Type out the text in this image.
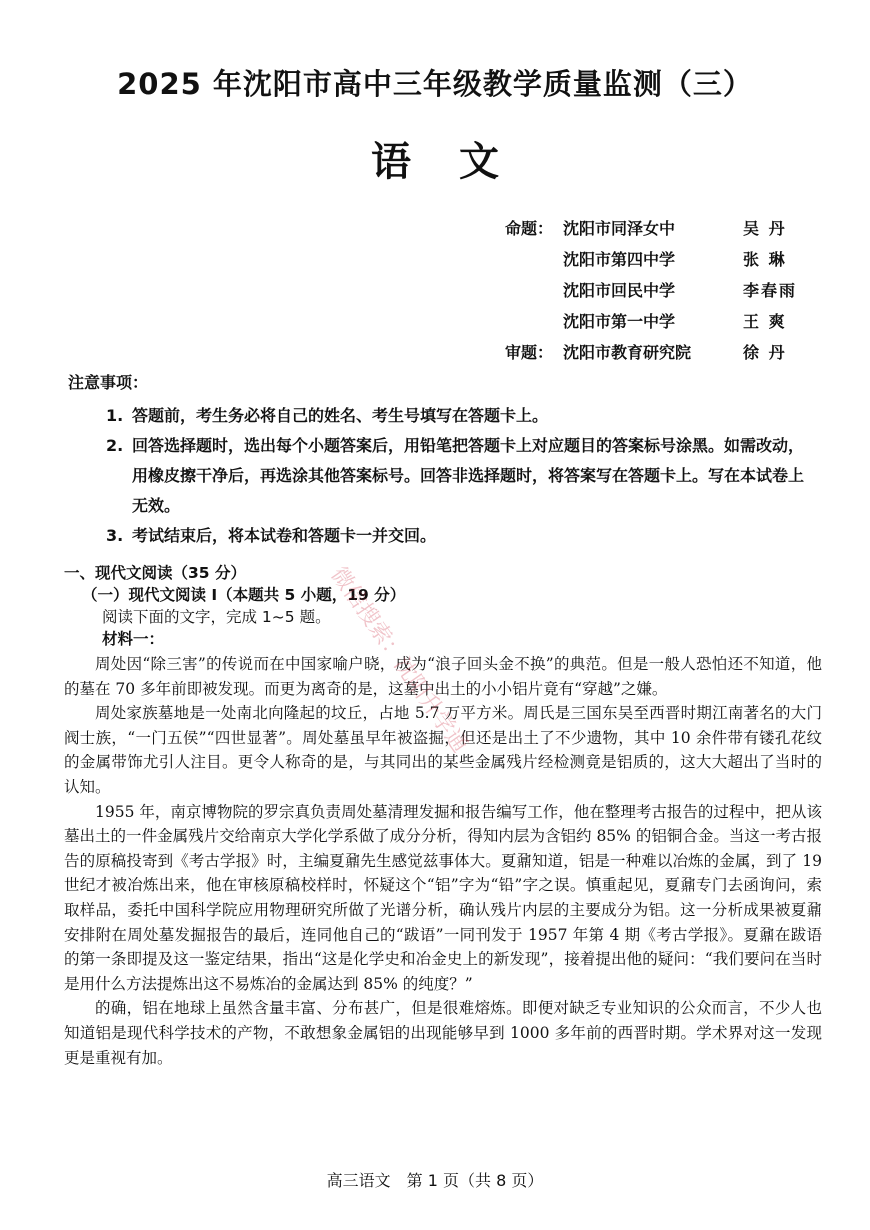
2025 年沈阳市高中三年级教学质量监测（三）
语文
命题： 沈阳市同泽女中	吴 丹
沈阳市第四中学	张 琳
沈阳市回民中学	李春雨
沈阳市第一中学	王 爽
审题： 沈阳市教育研究院	徐 丹
注意事项：
1. 答题前，考生务必将自己的姓名、考生号填写在答题卡上。
2. 回答选择题时，选出每个小题答案后，用铅笔把答题卡上对应题目的答案标号涂黑。如需改动，用橡皮擦干净后，再选涂其他答案标号。回答非选择题时，将答案写在答题卡上。写在本试卷上无效。
3. 考试结束后，将本试卷和答题卡一并交回。
一、现代文阅读（35 分）
（一）现代文阅读 I（本题共 5 小题，19 分）
阅读下面的文字，完成 1~5 题。
材料一：

周处因“除三害”的传说而在中国家喻户晓，成为“浪子回头金不换”的典范。但是一般人恐怕还不知道，他的墓在 70 多年前即被发现。而更为离奇的是，这墓中出土的小小铝片竟有“穿越”之嫌。

周处家族墓地是一处南北向隆起的坟丘，占地 5.7 万平方米。周氏是三国东吴至西晋时期江南著名的大门阀士族，“一门五侯”“四世显著”。周处墓虽早年被盗掘，但还是出土了不少遗物，其中 10 余件带有镂孔花纹的金属带饰尤引人注目。更令人称奇的是，与其同出的某些金属残片经检测竟是铝质的，这大大超出了当时的认知。

1955 年，南京博物院的罗宗真负责周处墓清理发掘和报告编写工作，他在整理考古报告的过程中，把从该墓出土的一件金属残片交给南京大学化学系做了成分分析，得知内层为含铝约 85% 的铝铜合金。当这一考古报告的原稿投寄到《考古学报》时，主编夏鼐先生感觉兹事体大。夏鼐知道，铝是一种难以冶炼的金属，到了 19 世纪才被冶炼出来，他在审核原稿校样时，怀疑这个“铝”字为“铅”字之误。慎重起见，夏鼐专门去函询问，索取样品，委托中国科学院应用物理研究所做了光谱分析，确认残片内层的主要成分为铝。这一分析成果被夏鼐安排附在周处墓发掘报告的最后，连同他自己的“跋语”一同刊发于 1957 年第 4 期《考古学报》。夏鼐在跋语的第一条即提及这一鉴定结果，指出“这是化学史和冶金史上的新发现”，接着提出他的疑问：“我们要问在当时是用什么方法提炼出这不易炼冶的金属达到 85% 的纯度？”

的确，铝在地球上虽然含量丰富、分布甚广，但是很难熔炼。即便对缺乏专业知识的公众而言，不少人也知道铝是现代科学技术的产物，不敢想象金属铝的出现能够早到 1000 多年前的西晋时期。学术界对这一发现更是重视有加。

微信搜索：沈阳升学通
高三语文　第 1 页（共 8 页）
